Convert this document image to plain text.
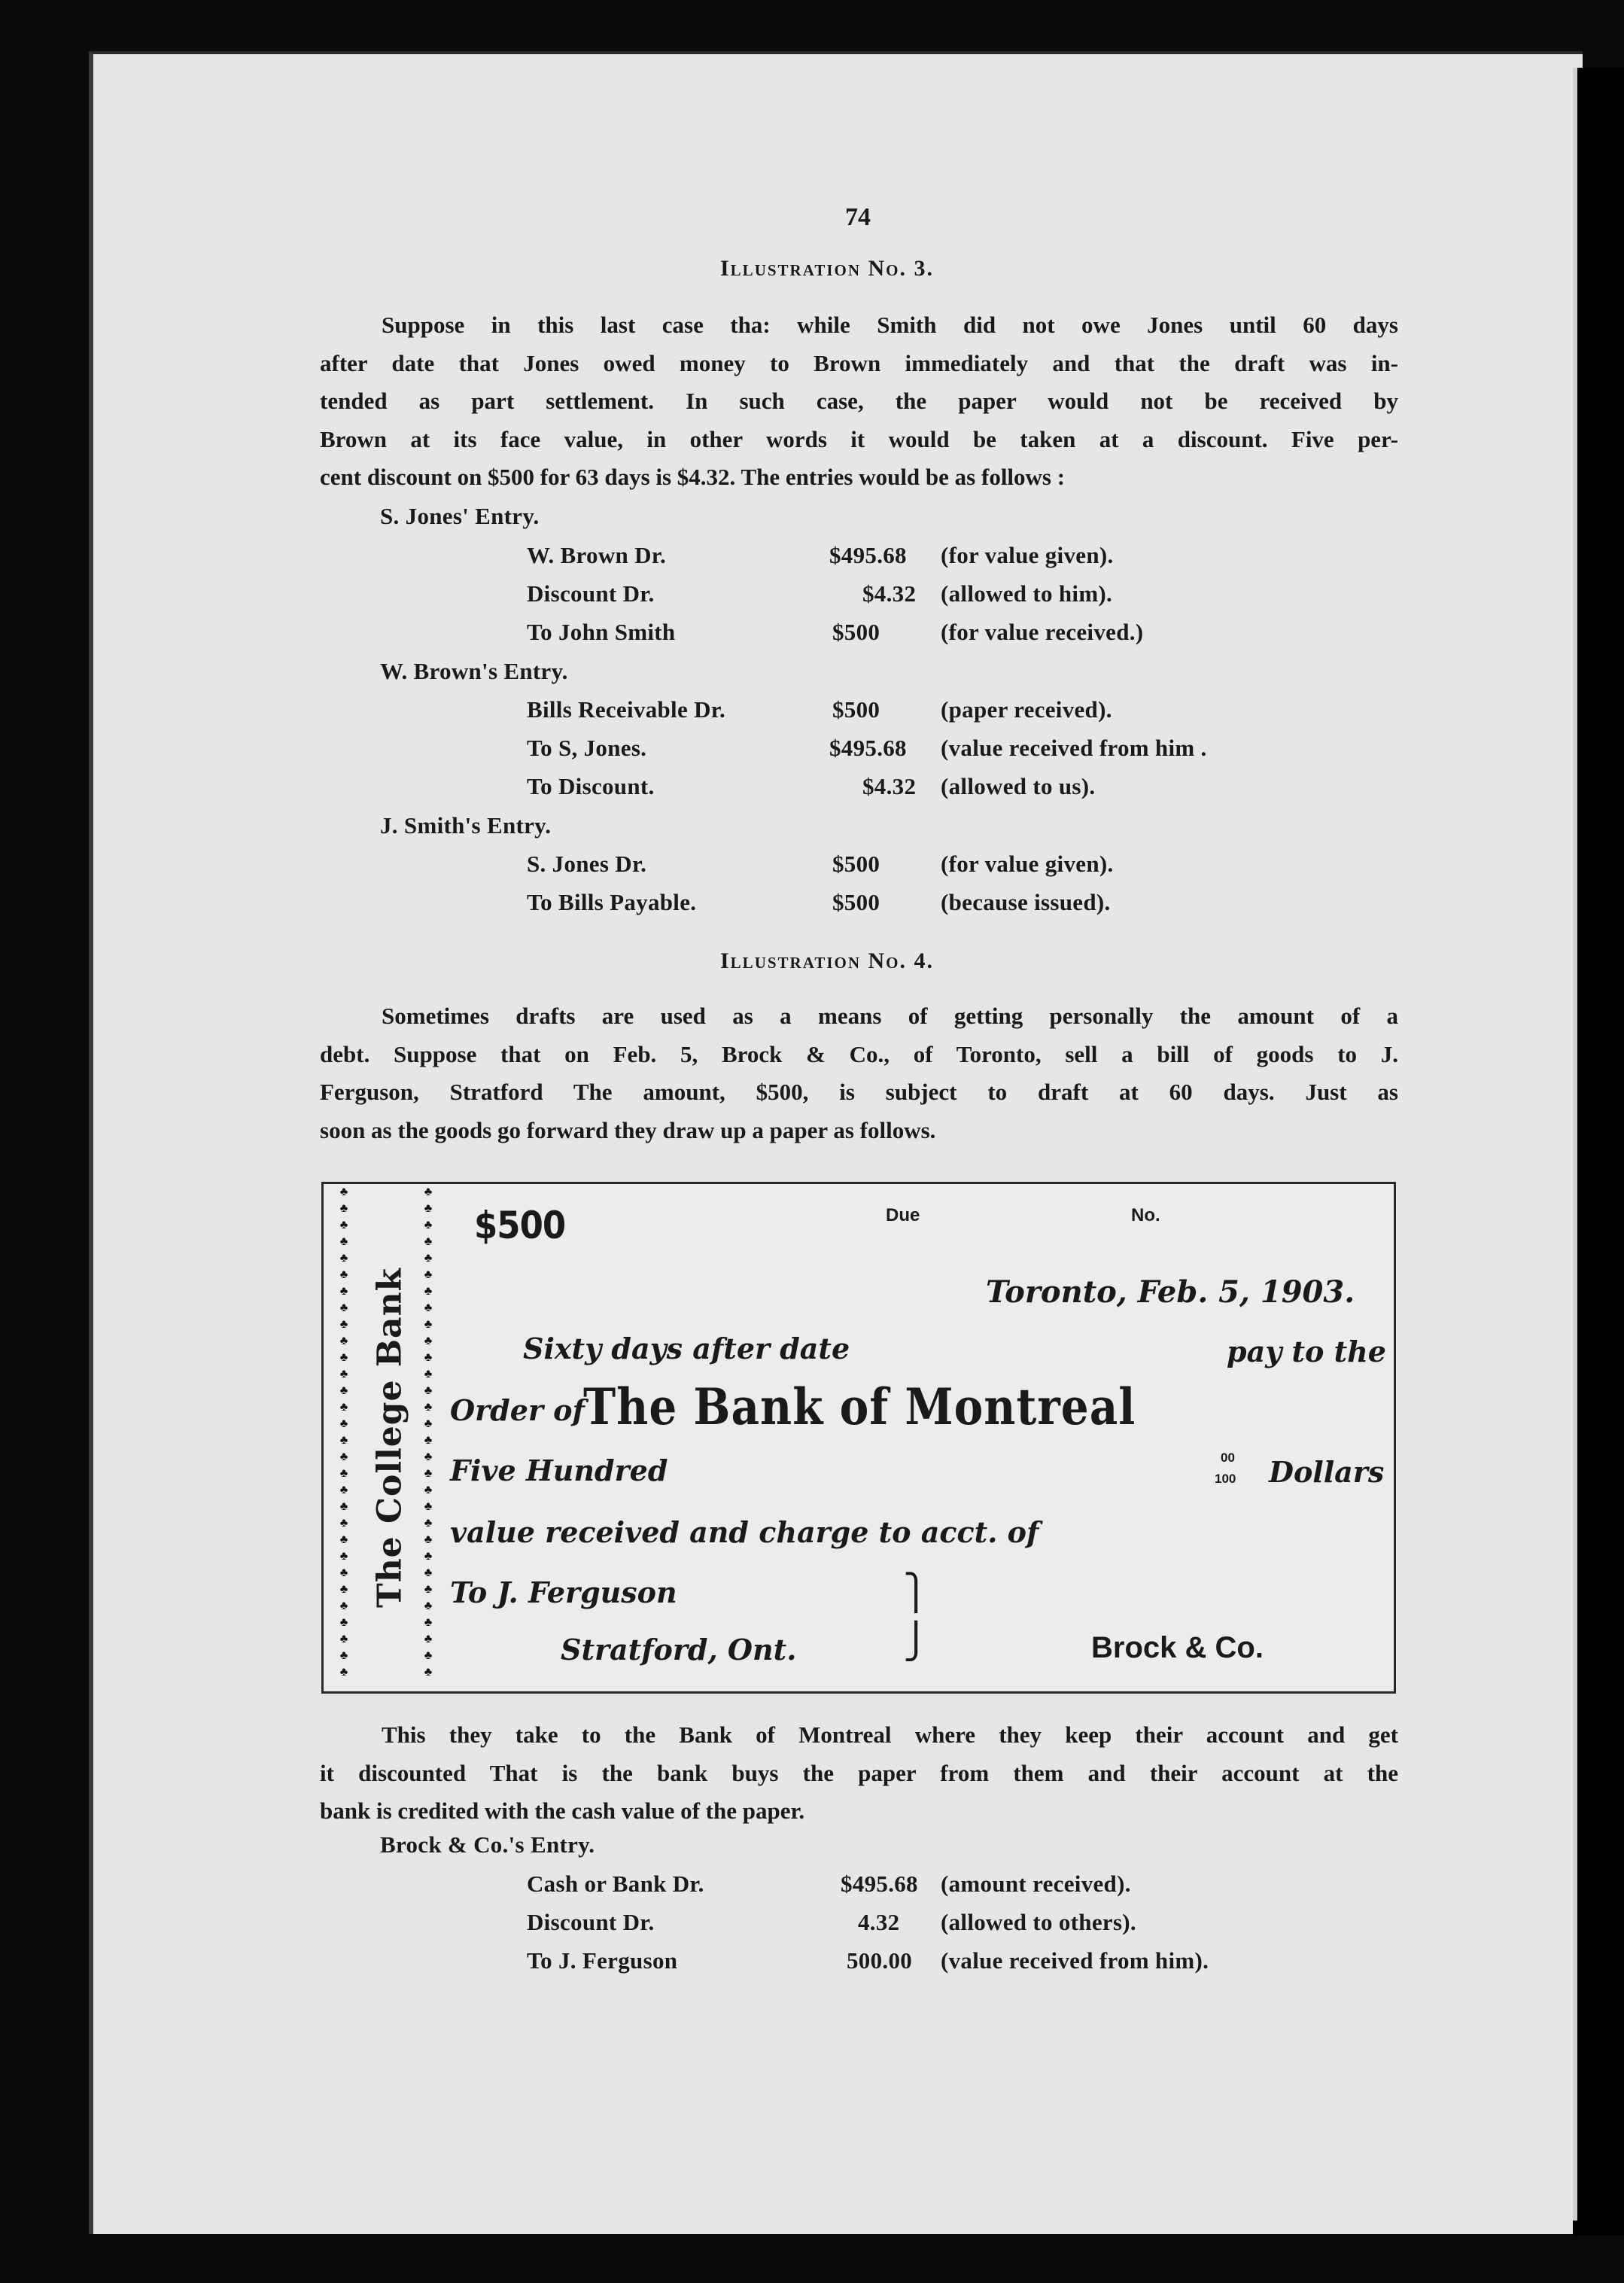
74
Illustration No. 3.
Suppose in this last case tha: while Smith did not owe Jones until 60 days
after date that Jones owed money to Brown immediately and that the draft was in-
tended as part settlement. In such case, the paper would not be received by
Brown at its face value, in other words it would be taken at a discount. Five per-
cent discount on $500 for 63 days is $4.32. The entries would be as follows :
S. Jones' Entry.
W. Brown Dr.	$495.68 (for value given).
Discount Dr.	$4.32 (allowed to him).
To John Smith	$500	(for value received.)
W. Brown's Entry.
Bills Receivable Dr.	$500	(paper received).
To S, Jones.	$495.68 (value received from him .
To Discount.	$4.32 (allowed to us).
J. Smith's Entry.
S. Jones Dr.	$500	(for value given).
To Bills Payable.	$500	(because issued).
Illustration No. 4.
Sometimes drafts are used as a means of getting personally the amount of a
debt. Suppose that on Feb. 5, Brock & Co., of Toronto, sell a bill of goods to J.
Ferguson, Stratford The amount, $500, is subject to draft at 60 days. Just as
soon as the goods go forward they draw up a paper as follows.
♣
♣
♣
♣
♣
♣
♣
♣
♣
♣
♣
♣
♣
♣
♣
♣
♣
♣
♣
♣
♣
♣
♣
♣
♣
♣
♣
♣
♣
♣
The College Bank
♣
♣
♣
♣
♣
♣
♣
♣
♣
♣
♣
♣
♣
♣
♣
♣
♣
♣
♣
♣
♣
♣
♣
♣
♣
♣
♣
♣
♣
♣
$500	Due	No.
Toronto, Feb. 5, 1903.
Sixty days after date	pay to the
Order of
The Bank of Montreal
Five Hundred	00
100 Dollars
value received and charge to acct. of
To J. Ferguson	⎫
Stratford, Ont.	⎭	Brock & Co.
This they take to the Bank of Montreal where they keep their account and get
it discounted That is the bank buys the paper from them and their account at the
bank is credited with the cash value of the paper.
Brock & Co.'s Entry.
Cash or Bank Dr.	$495.68 (amount received).
Discount Dr.	4.32 (allowed to others).
To J. Ferguson	500.00 (value received from him).
